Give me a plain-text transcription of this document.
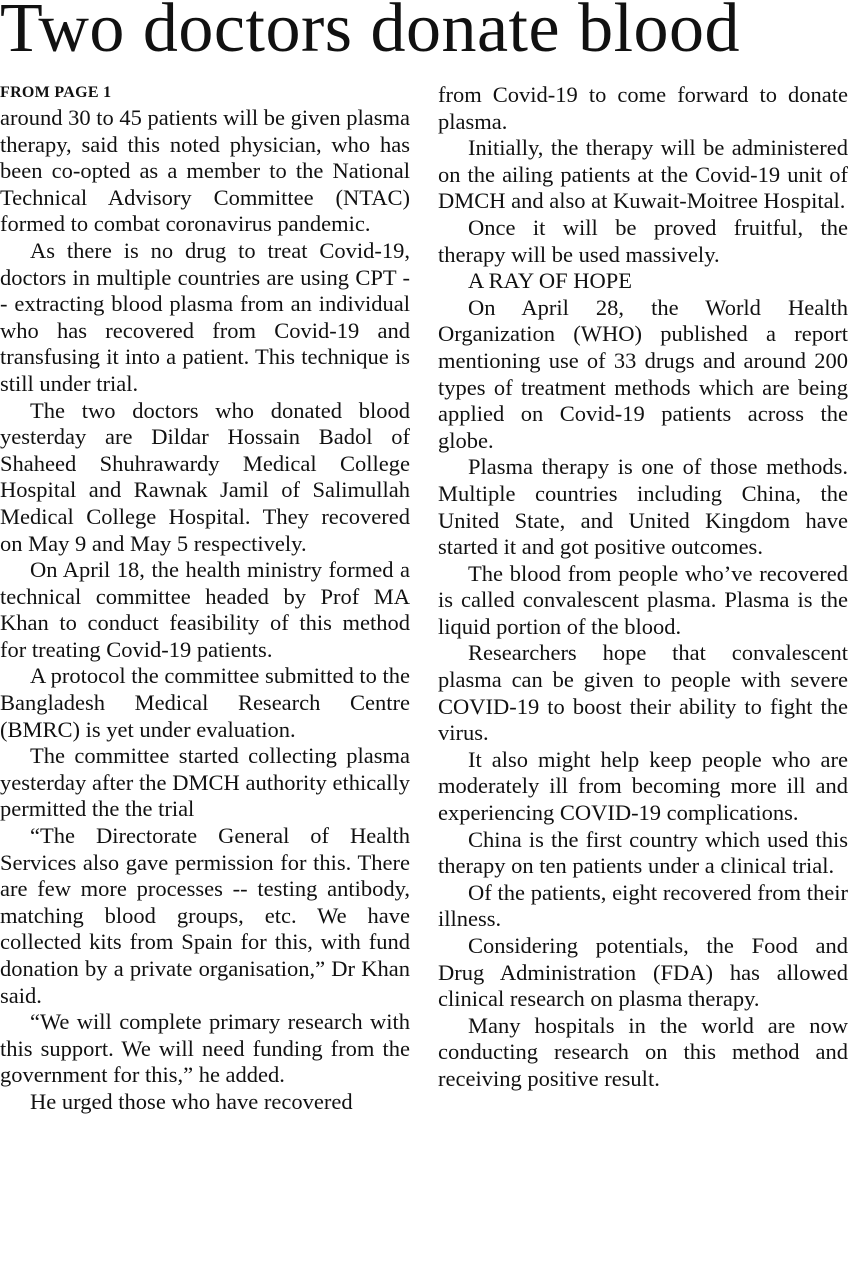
Two doctors donate blood
FROM PAGE 1

around 30 to 45 patients will be given plasma therapy, said this noted physician, who has been co-opted as a member to the National Technical Advisory Committee (NTAC) formed to combat coronavirus pandemic.

As there is no drug to treat Covid-19, doctors in multiple countries are using CPT -- extracting blood plasma from an individual who has recovered from Covid-19 and transfusing it into a patient. This technique is still under trial.

The two doctors who donated blood yesterday are Dildar Hossain Badol of Shaheed Shuhrawardy Medical College Hospital and Rawnak Jamil of Salimullah Medical College Hospital. They recovered on May 9 and May 5 respectively.

On April 18, the health ministry formed a technical committee headed by Prof MA Khan to conduct feasibility of this method for treating Covid-19 patients.

A protocol the committee submitted to the Bangladesh Medical Research Centre (BMRC) is yet under evaluation.

The committee started collecting plasma yesterday after the DMCH authority ethically permitted the the trial

“The Directorate General of Health Services also gave permission for this. There are few more processes -- testing antibody, matching blood groups, etc. We have collected kits from Spain for this, with fund donation by a private organisation,” Dr Khan said.

“We will complete primary research with this support. We will need funding from the government for this,” he added.

He urged those who have recovered

from Covid-19 to come forward to donate plasma.

Initially, the therapy will be administered on the ailing patients at the Covid-19 unit of DMCH and also at Kuwait-Moitree Hospital.

Once it will be proved fruitful, the therapy will be used massively.

A RAY OF HOPE

On April 28, the World Health Organization (WHO) published a report mentioning use of 33 drugs and around 200 types of treatment methods which are being applied on Covid-19 patients across the globe.

Plasma therapy is one of those methods. Multiple countries including China, the United State, and United Kingdom have started it and got positive outcomes.

The blood from people who’ve recovered is called convalescent plasma. Plasma is the liquid portion of the blood.

Researchers hope that convalescent plasma can be given to people with severe COVID-19 to boost their ability to fight the virus.

It also might help keep people who are moderately ill from becoming more ill and experiencing COVID-19 complications.

China is the first country which used this therapy on ten patients under a clinical trial.

Of the patients, eight recovered from their illness.

Considering potentials, the Food and Drug Administration (FDA) has allowed clinical research on plasma therapy.

Many hospitals in the world are now conducting research on this method and receiving positive result.
